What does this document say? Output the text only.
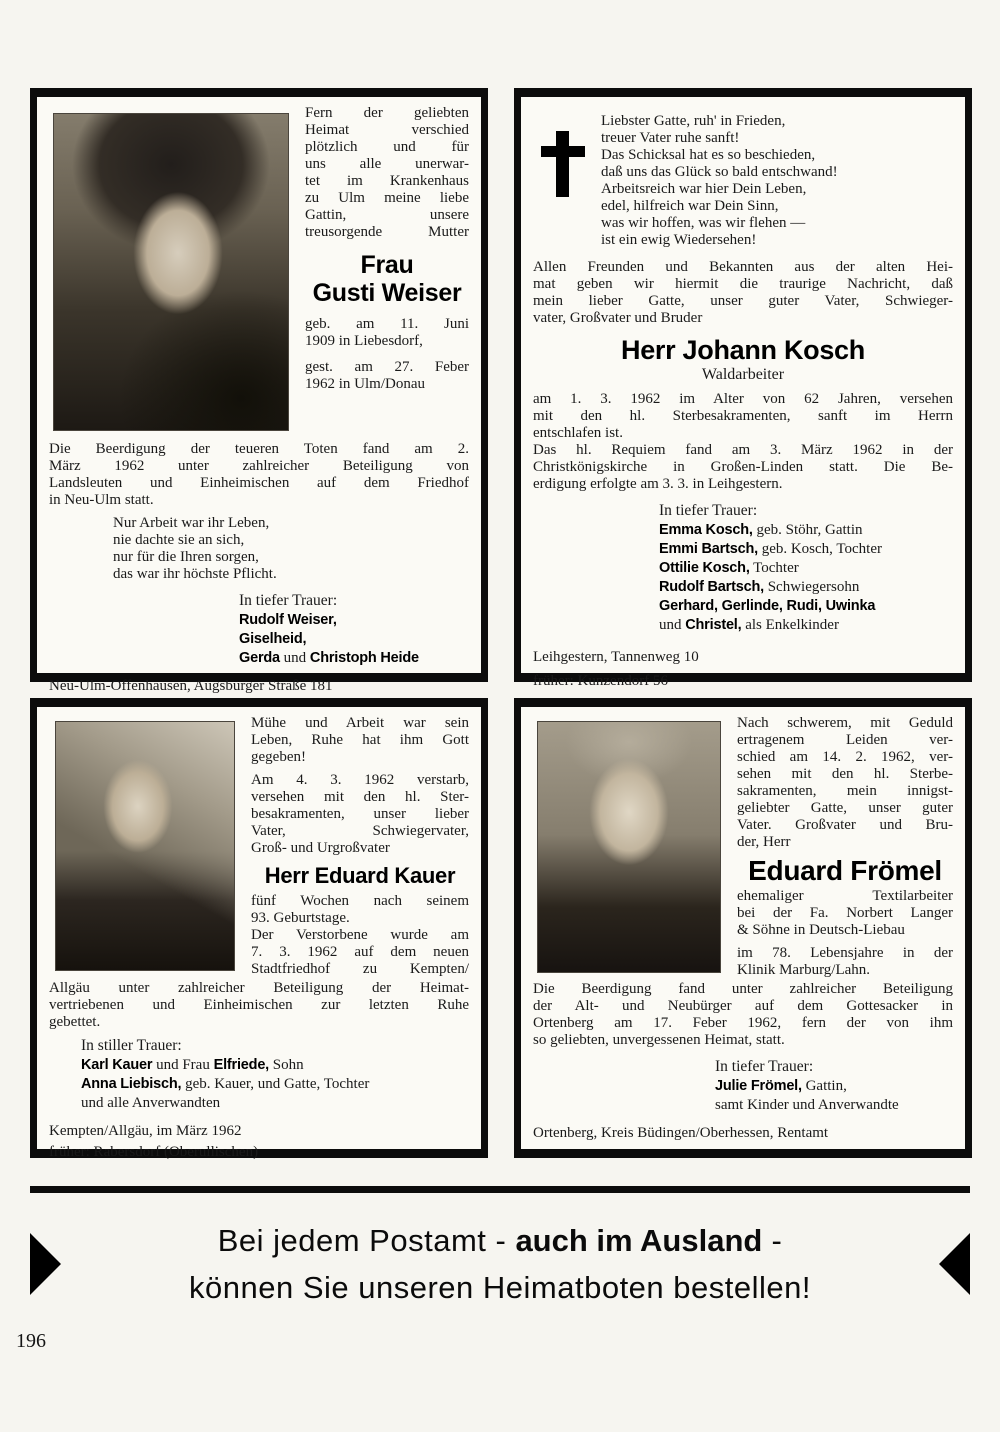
Fern der geliebten
Heimat verschied
plötzlich und für
uns alle unerwar-
tet im Krankenhaus
zu Ulm meine liebe
Gattin, unsere
treusorgende Mutter
Frau
Gusti Weiser
geb. am 11. Juni
1909 in Liebesdorf,
gest. am 27. Feber
1962 in Ulm/Donau
Die Beerdigung der teueren Toten fand am 2.
März 1962 unter zahlreicher Beteiligung von
Landsleuten und Einheimischen auf dem Friedhof
in Neu-Ulm statt.
Nur Arbeit war ihr Leben,
nie dachte sie an sich,
nur für die Ihren sorgen,
das war ihr höchste Pflicht.
In tiefer Trauer:
Rudolf Weiser,
Giselheid,
Gerda und Christoph Heide
Neu-Ulm-Offenhausen, Augsburger Straße 181
Liebster Gatte, ruh' in Frieden,
treuer Vater ruhe sanft!
Das Schicksal hat es so beschieden,
daß uns das Glück so bald entschwand!
Arbeitsreich war hier Dein Leben,
edel, hilfreich war Dein Sinn,
was wir hoffen, was wir flehen —
ist ein ewig Wiedersehen!
Allen Freunden und Bekannten aus der alten Hei-
mat geben wir hiermit die traurige Nachricht, daß
mein lieber Gatte, unser guter Vater, Schwieger-
vater, Großvater und Bruder
Herr Johann Kosch
Waldarbeiter
am 1. 3. 1962 im Alter von 62 Jahren, versehen
mit den hl. Sterbesakramenten, sanft im Herrn
entschlafen ist.
Das hl. Requiem fand am 3. März 1962 in der
Christkönigskirche in Großen-Linden statt. Die Be-
erdigung erfolgte am 3. 3. in Leihgestern.
In tiefer Trauer:
Emma Kosch, geb. Stöhr, Gattin
Emmi Bartsch, geb. Kosch, Tochter
Ottilie Kosch, Tochter
Rudolf Bartsch, Schwiegersohn
Gerhard, Gerlinde, Rudi, Uwinka
und Christel, als Enkelkinder
Leihgestern, Tannenweg 10
früher: Kunzendorf 56
Mühe und Arbeit war sein
Leben, Ruhe hat ihm Gott
gegeben!
Am 4. 3. 1962 verstarb,
versehen mit den hl. Ster-
besakramenten, unser lieber
Vater, Schwiegervater,
Groß- und Urgroßvater
Herr Eduard Kauer
fünf Wochen nach seinem
93. Geburtstage.
Der Verstorbene wurde am
7. 3. 1962 auf dem neuen
Stadtfriedhof zu Kempten/
Allgäu unter zahlreicher Beteiligung der Heimat-
vertriebenen und Einheimischen zur letzten Ruhe
gebettet.
In stiller Trauer:
Karl Kauer und Frau Elfriede, Sohn
Anna Liebisch, geb. Kauer, und Gatte, Tochter
und alle Anverwandten
Kempten/Allgäu, im März 1962
früher: Rabersdorf (Oberullischen)
Nach schwerem, mit Geduld
ertragenem Leiden ver-
schied am 14. 2. 1962, ver-
sehen mit den hl. Sterbe-
sakramenten, mein innigst-
geliebter Gatte, unser guter
Vater. Großvater und Bru-
der, Herr
Eduard Frömel
ehemaliger Textilarbeiter
bei der Fa. Norbert Langer
& Söhne in Deutsch-Liebau
im 78. Lebensjahre in der
Klinik Marburg/Lahn.
Die Beerdigung fand unter zahlreicher Beteiligung
der Alt- und Neubürger auf dem Gottesacker in
Ortenberg am 17. Feber 1962, fern der von ihm
so geliebten, unvergessenen Heimat, statt.
In tiefer Trauer:
Julie Frömel, Gattin,
samt Kinder und Anverwandte
Ortenberg, Kreis Büdingen/Oberhessen, Rentamt
Bei jedem Postamt - auch im Ausland -
können Sie unseren Heimatboten bestellen!
196
